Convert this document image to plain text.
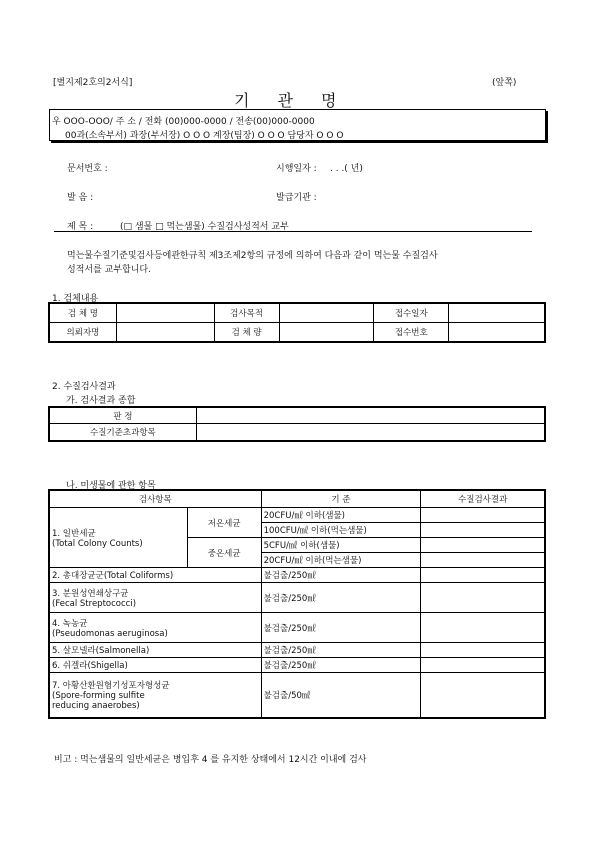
[별지제2호의2서식]	(앞쪽)
기 관 명
우 OOO-OOO/ 주 소 / 전화 (00)000-0000 / 전송(00)000-0000
00과(소속부서) 과장(부서장) O O O 계장(팀장) O O O 담당자 O O O
문서번호 :	시행일자 : . . .( 년)
발 음 :	발급기관 :
제 목 :	(□ 샘물 □ 먹는샘물) 수질검사성적서 교부
먹는물수질기준및검사등에관한규칙 제3조제2항의 규정에 의하여 다음과 같이 먹는물 수질검사
성적서를 교부합니다.
1. 검체내용
검 체 명		검사목적		접수일자	
의뢰자명		검 체 량		접수번호	
2. 수질검사결과
가. 검사결과 종합
판 정	
수질기준초과항목	
나. 미생물에 관한 항목
검사항목		기 준	수질검사결과

1. 일반세균
(Total Colony Counts)	저온세균	20CFU/㎖ 이하(샘물)	
		100CFU/㎖ 이하(먹는샘물)	
	중온세균	5CFU/㎖ 이하(샘물)	
		20CFU/㎖ 이하(먹는샘물)	
2. 총대장균군(Total Coliforms)		불검출/250㎖	

3. 분원성연쇄상구균
(Fecal Streptococci)		불검출/250㎖	

4. 녹농균
(Pseudomonas aeruginosa)		불검출/250㎖	
5. 살모넬라(Salmonella)		불검출/250㎖	
6. 쉬겔라(Shigella)		불검출/250㎖	

7. 아황산환원혐기성포자형성균
(Spore-forming sulfite
reducing anaerobes)		불검출/50㎖	
비고 : 먹는샘물의 일반세균은 병입후 4 를 유지한 상태에서 12시간 이내에 검사
